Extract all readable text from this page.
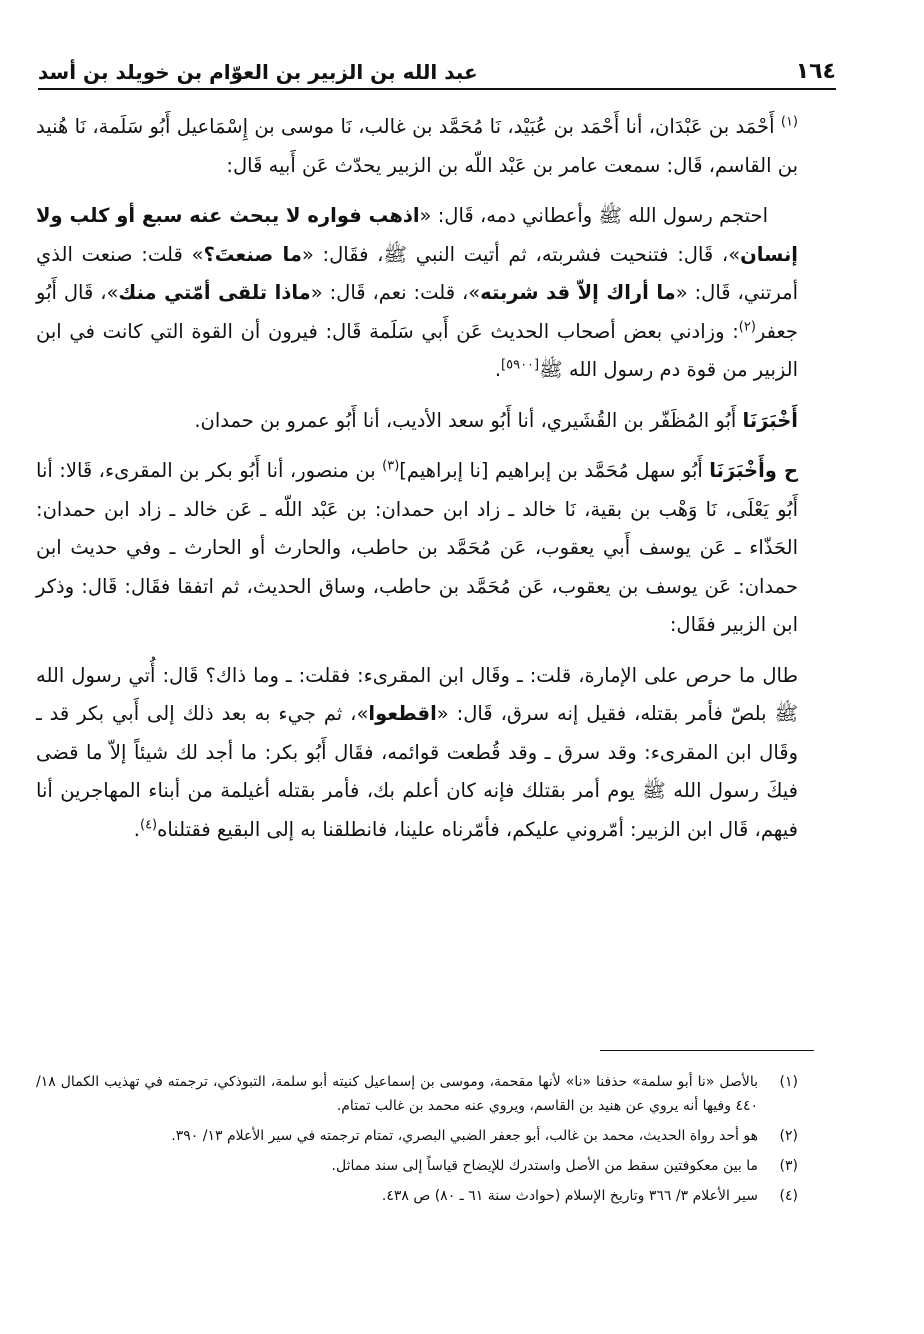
عبد الله بن الزبير بن العوّام بن خويلد بن أسد	١٦٤

$^{(١)}$ أَحْمَد بن عَبْدَان، أنا أَحْمَد بن عُبَيْد، نَا مُحَمَّد بن غالب، نَا موسى بن إِسْمَاعيل أَبُو سَلَمة، نَا هُنيد بن القاسم، قَال: سمعت عامر بن عَبْد اللّه بن الزبير يحدّث عَن أَبيه قَال:

احتجم رسول الله ﷺ وأعطاني دمه، قَال: «اذهب فواره لا يبحث عنه سبع أو كلب ولا إنسان»، قَال: فتنحيت فشربته، ثم أتيت النبي ﷺ، فقَال: «ما صنعتَ؟» قلت: صنعت الذي أمرتني، قَال: «ما أراك إلاّ قد شربته»، قلت: نعم، قَال: «ماذا تلقى أمّتي منك»، قَال أَبُو جعفر$^{(٢)}$: وزادني بعض أصحاب الحديث عَن أَبي سَلَمة قَال: فيرون أن القوة التي كانت في ابن الزبير من قوة دم رسول الله ﷺ[٥٩٠٠].

أَخْبَرَنَا أَبُو المُظَفّر بن القُشَيري، أنا أَبُو سعد الأديب، أنا أَبُو عمرو بن حمدان.

ح وأَخْبَرَنَا أَبُو سهل مُحَمَّد بن إبراهيم [نا إبراهيم]$^{(٣)}$ بن منصور، أنا أَبُو بكر بن المقرىء، قَالا: أنا أَبُو يَعْلَى، نَا وَهْب بن بقية، نَا خالد ـ زاد ابن حمدان: بن عَبْد اللّه ـ عَن خالد ـ زاد ابن حمدان: الحَذّاء ـ عَن يوسف أَبي يعقوب، عَن مُحَمَّد بن حاطب، والحارث أو الحارث ـ وفي حديث ابن حمدان: عَن يوسف بن يعقوب، عَن مُحَمَّد بن حاطب، وساق الحديث، ثم اتفقا فقَال: قَال: وذكر ابن الزبير فقَال:

طال ما حرص على الإمارة، قلت: ـ وقَال ابن المقرىء: فقلت: ـ وما ذاك؟ قَال: أُتي رسول الله ﷺ بلصّ فأمر بقتله، فقيل إنه سرق، قَال: «اقطعوا»، ثم جيء به بعد ذلك إلى أَبي بكر قد ـ وقَال ابن المقرىء: وقد سرق ـ وقد قُطعت قوائمه، فقَال أَبُو بكر: ما أجد لك شيئاً إلاّ ما قضى فيكَ رسول الله ﷺ يوم أمر بقتلك فإنه كان أعلم بك، فأمر بقتله أغيلمة من أبناء المهاجرين أنا فيهم، قَال ابن الزبير: أمّروني عليكم، فأمّرناه علينا، فانطلقنا به إلى البقيع فقتلناه$^{(٤)}$.

(١)
بالأصل «نا أبو سلمة» حذفنا «نا» لأنها مقحمة، وموسى بن إسماعيل كنيته أبو سلمة، التبوذكي، ترجمته في تهذيب الكمال ١٨/ ٤٤٠ وفيها أنه يروي عن هنيد بن القاسم، ويروي عنه محمد بن غالب تمتام.
(٢)
هو أحد رواة الحديث، محمد بن غالب، أبو جعفر الضبي البصري، تمتام ترجمته في سير الأعلام ١٣/ ٣٩٠.
(٣)
ما بين معكوفتين سقط من الأصل واستدرك للإيضاح قياساً إلى سند مماثل.
(٤)
سير الأعلام ٣/ ٣٦٦ وتاريخ الإسلام (حوادث سنة ٦١ ـ ٨٠) ص ٤٣٨.
